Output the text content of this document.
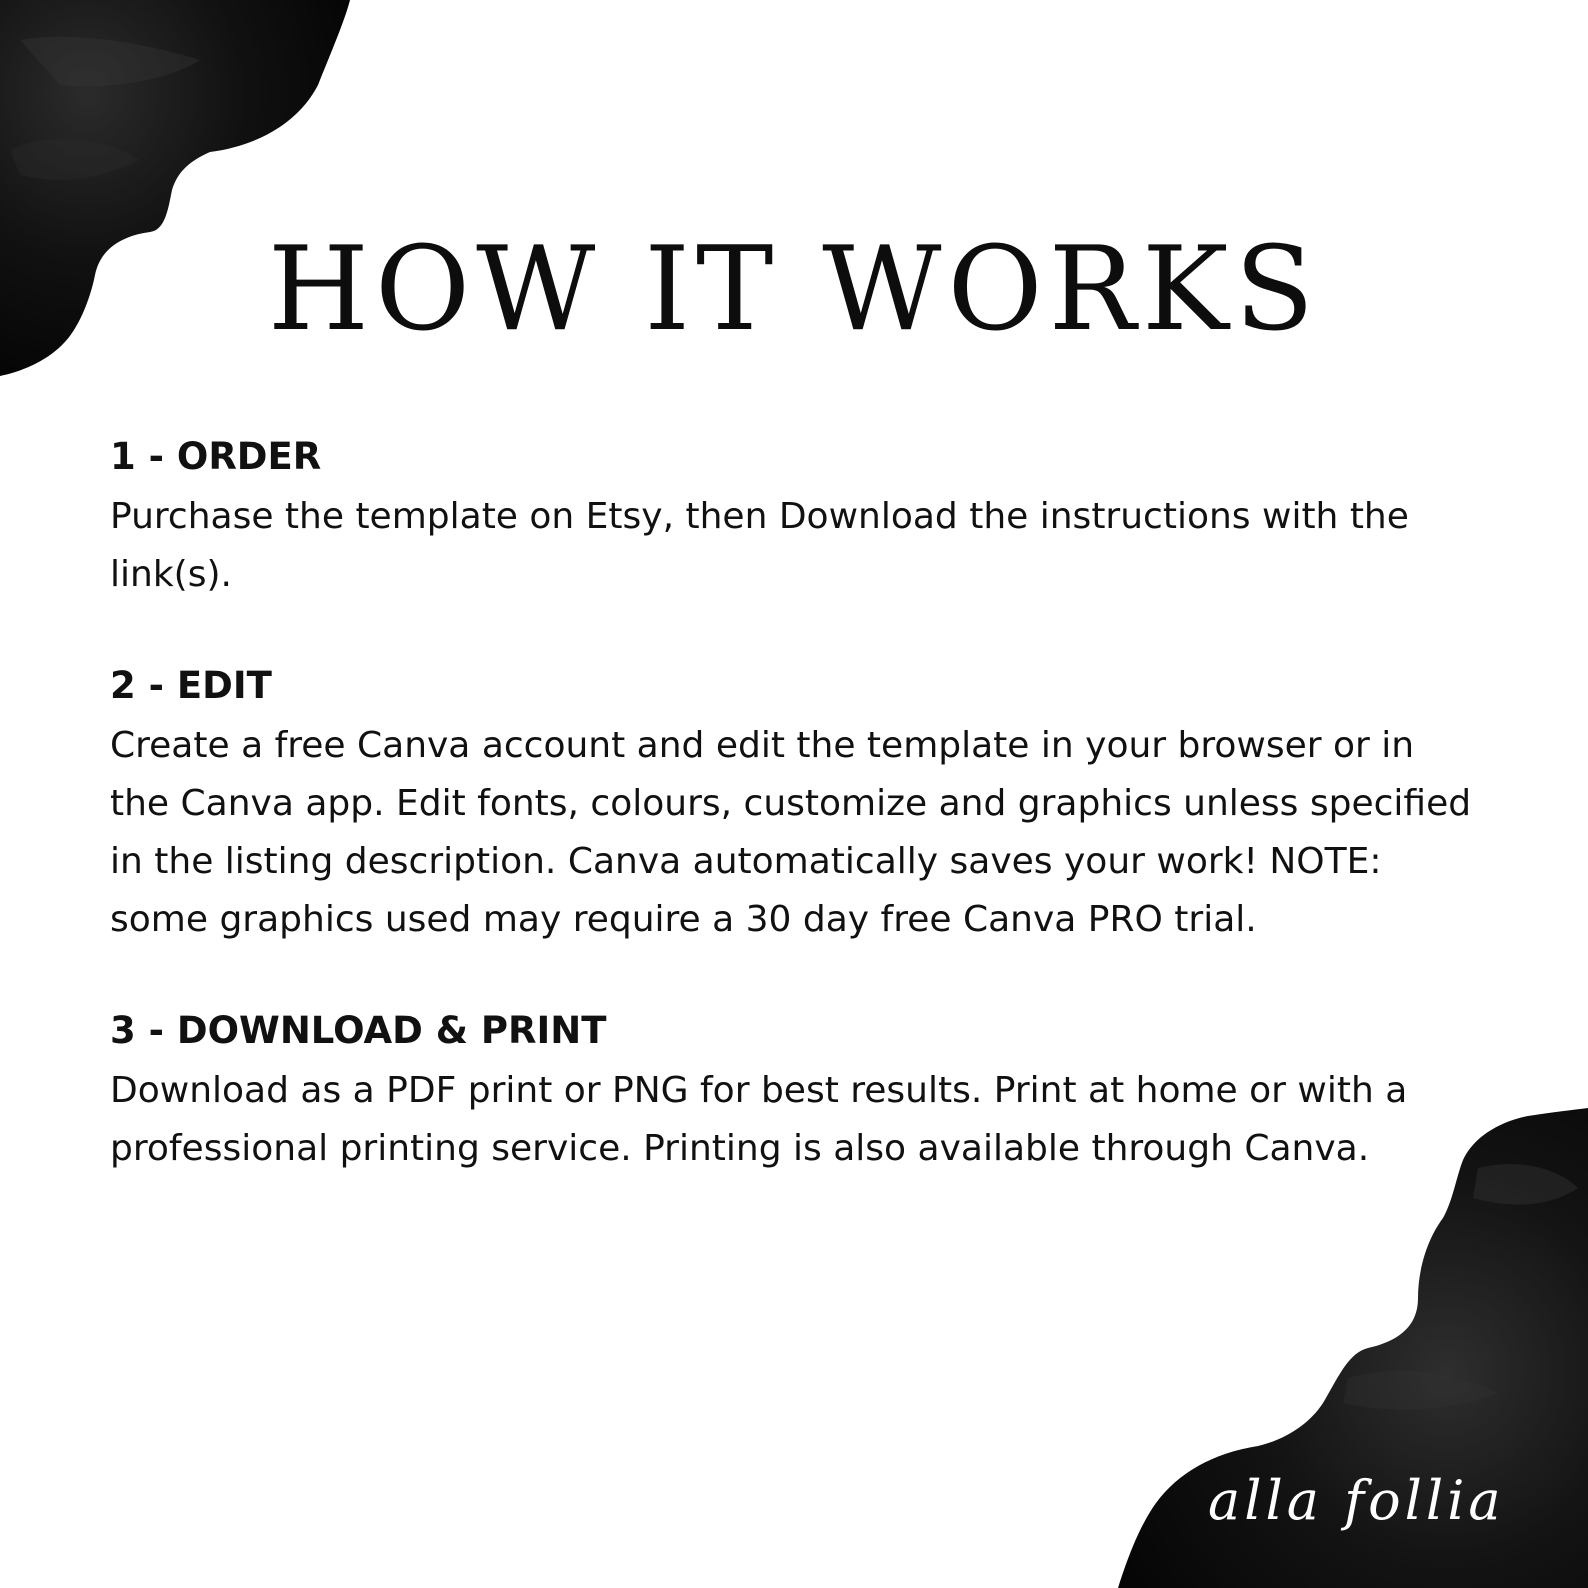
HOW IT WORKS

1 - ORDER

Purchase the template on Etsy, then Download the instructions with the link(s).

2 - EDIT

Create a free Canva account and edit the template in your browser or in the Canva app. Edit fonts, colours, customize and graphics unless specified in the listing description. Canva automatically saves your work! NOTE: some graphics used may require a 30 day free Canva PRO trial.

3 - DOWNLOAD & PRINT

Download as a PDF print or PNG for best results. Print at home or with a professional printing service. Printing is also available through Canva.

alla follia
